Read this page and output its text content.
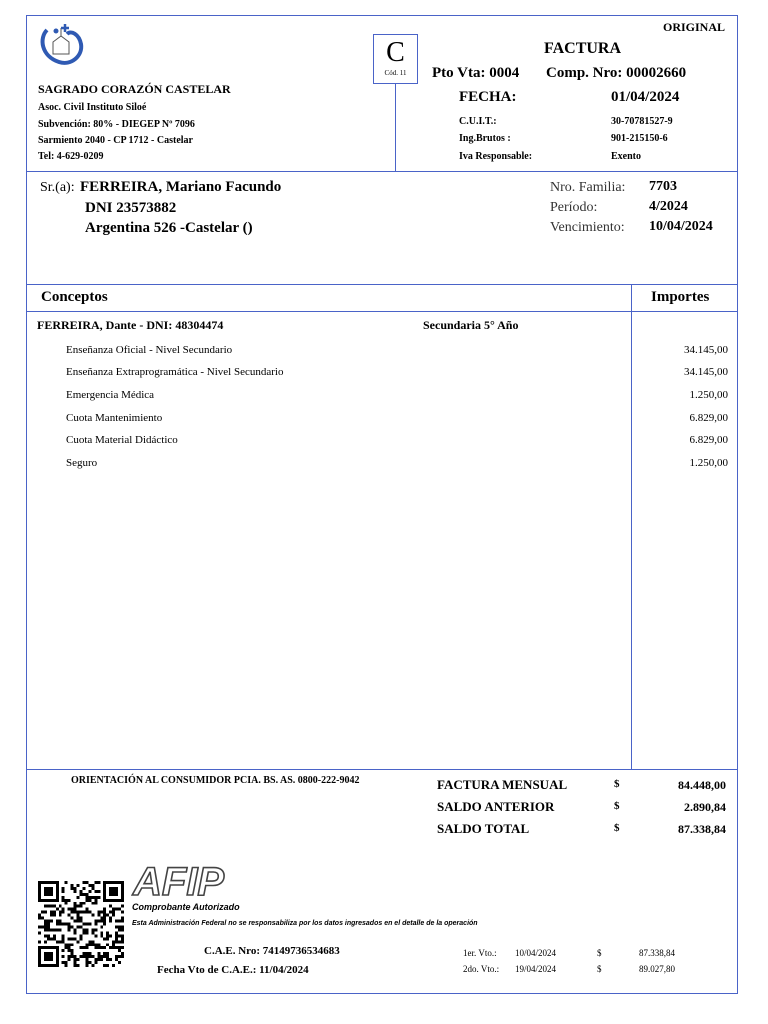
ORIGINAL
SAGRADO CORAZÓN CASTELAR
Asoc. Civil Instituto Siloé
Subvención: 80% - DIEGEP Nº 7096
Sarmiento 2040 - CP 1712 - Castelar
Tel: 4-629-0209
C
Cód. 11
FACTURA
Pto Vta: 0004 Comp. Nro: 00002660
FECHA:	01/04/2024
C.U.I.T.:	30-70781527-9
Ing.Brutos :	901-215150-6
Iva Responsable:	Exento
Sr.(a): FERREIRA, Mariano Facundo
DNI 23573882
Argentina 526 -Castelar ()
Nro. Familia: 7703
Período:	4/2024
Vencimiento: 10/04/2024
Conceptos	Importes
FERREIRA, Dante - DNI: 48304474	Secundaria 5° Año
Enseñanza Oficial - Nivel Secundario	34.145,00
Enseñanza Extraprogramática - Nivel Secundario	34.145,00
Emergencia Médica	1.250,00
Cuota Mantenimiento	6.829,00
Cuota Material Didáctico	6.829,00
Seguro	1.250,00
ORIENTACIÓN AL CONSUMIDOR PCIA. BS. AS. 0800-222-9042	FACTURA MENSUAL	$	84.448,00
SALDO ANTERIOR	$	2.890,84
SALDO TOTAL	$	87.338,84
AFIP
Comprobante Autorizado
Esta Administración Federal no se responsabiliza por los datos ingresados en el detalle de la operación
C.A.E. Nro: 74149736534683
Fecha Vto de C.A.E.: 11/04/2024
1er. Vto.: 10/04/2024	$	87.338,84
2do. Vto.: 19/04/2024	$	89.027,80
